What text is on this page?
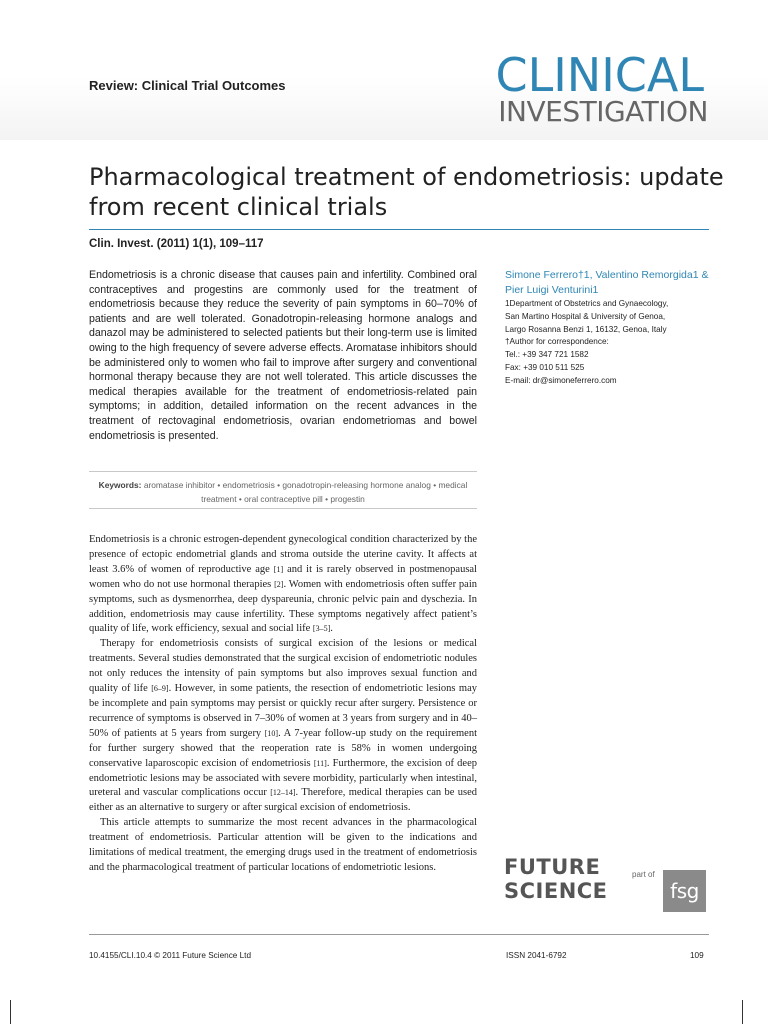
Review: Clinical Trial Outcomes	CLINICAL
INVESTIGATION
Pharmacological treatment of endometriosis: update from recent clinical trials
Clin. Invest. (2011) 1(1), 109–117
Endometriosis is a chronic disease that causes pain and infertility. Combined oral contraceptives and progestins are commonly used for the treatment of endometriosis because they reduce the severity of pain symptoms in 60–70% of patients and are well tolerated. Gonadotropin-releasing hormone analogs and danazol may be administered to selected patients but their long-term use is limited owing to the high frequency of severe adverse effects. Aromatase inhibitors should be administered only to women who fail to improve after surgery and conventional hormonal therapy because they are not well tolerated. This article discusses the medical therapies available for the treatment of endometriosis-related pain symptoms; in addition, detailed information on the recent advances in the treatment of rectovaginal endometriosis, ovarian endometriomas and bowel endometriosis is presented.
Simone Ferrero†1, Valentino Remorgida1 & Pier Luigi Venturini1
1Department of Obstetrics and Gynaecology,
San Martino Hospital & University of Genoa,
Largo Rosanna Benzi 1, 16132, Genoa, Italy
†Author for correspondence:
Tel.: +39 347 721 1582
Fax: +39 010 511 525
E-mail: dr@simoneferrero.com
Keywords: aromatase inhibitor • endometriosis • gonadotropin-releasing hormone analog • medical treatment • oral contraceptive pill • progestin

Endometriosis is a chronic estrogen-dependent gynecological condition characterized by the presence of ectopic endometrial glands and stroma outside the uterine cavity. It affects at least 3.6% of women of reproductive age [1] and it is rarely observed in postmenopausal women who do not use hormonal therapies [2]. Women with endometriosis often suffer pain symptoms, such as dysmenorrhea, deep dyspareunia, chronic pelvic pain and dyschezia. In addition, endometriosis may cause infertility. These symptoms negatively affect patient’s quality of life, work efficiency, sexual and social life [3–5].

Therapy for endometriosis consists of surgical excision of the lesions or medical treatments. Several studies demonstrated that the surgical excision of endometriotic nodules not only reduces the intensity of pain symptoms but also improves sexual function and quality of life [6–9]. However, in some patients, the resection of endometriotic lesions may be incomplete and pain symptoms may persist or quickly recur after surgery. Persistence or recurrence of symptoms is observed in 7–30% of women at 3 years from surgery and in 40–50% of patients at 5 years from surgery [10]. A 7-year follow-up study on the requirement for further surgery showed that the reoperation rate is 58% in women undergoing conservative laparoscopic excision of endometriosis [11]. Furthermore, the excision of deep endometriotic lesions may be associated with severe morbidity, particularly when intestinal, ureteral and vascular complications occur [12–14]. Therefore, medical therapies can be used either as an alternative to surgery or after surgical excision of endometriosis.

This article attempts to summarize the most recent advances in the pharmacological treatment of endometriosis. Particular attention will be given to the indications and limitations of medical treatment, the emerging drugs used in the treatment of endometriosis and the pharmacological treatment of particular locations of endometriotic lesions.	FUTURE
SCIENCE
part of
fsg
10.4155/CLI.10.4 © 2011 Future Science Ltd	ISSN 2041-6792	109
